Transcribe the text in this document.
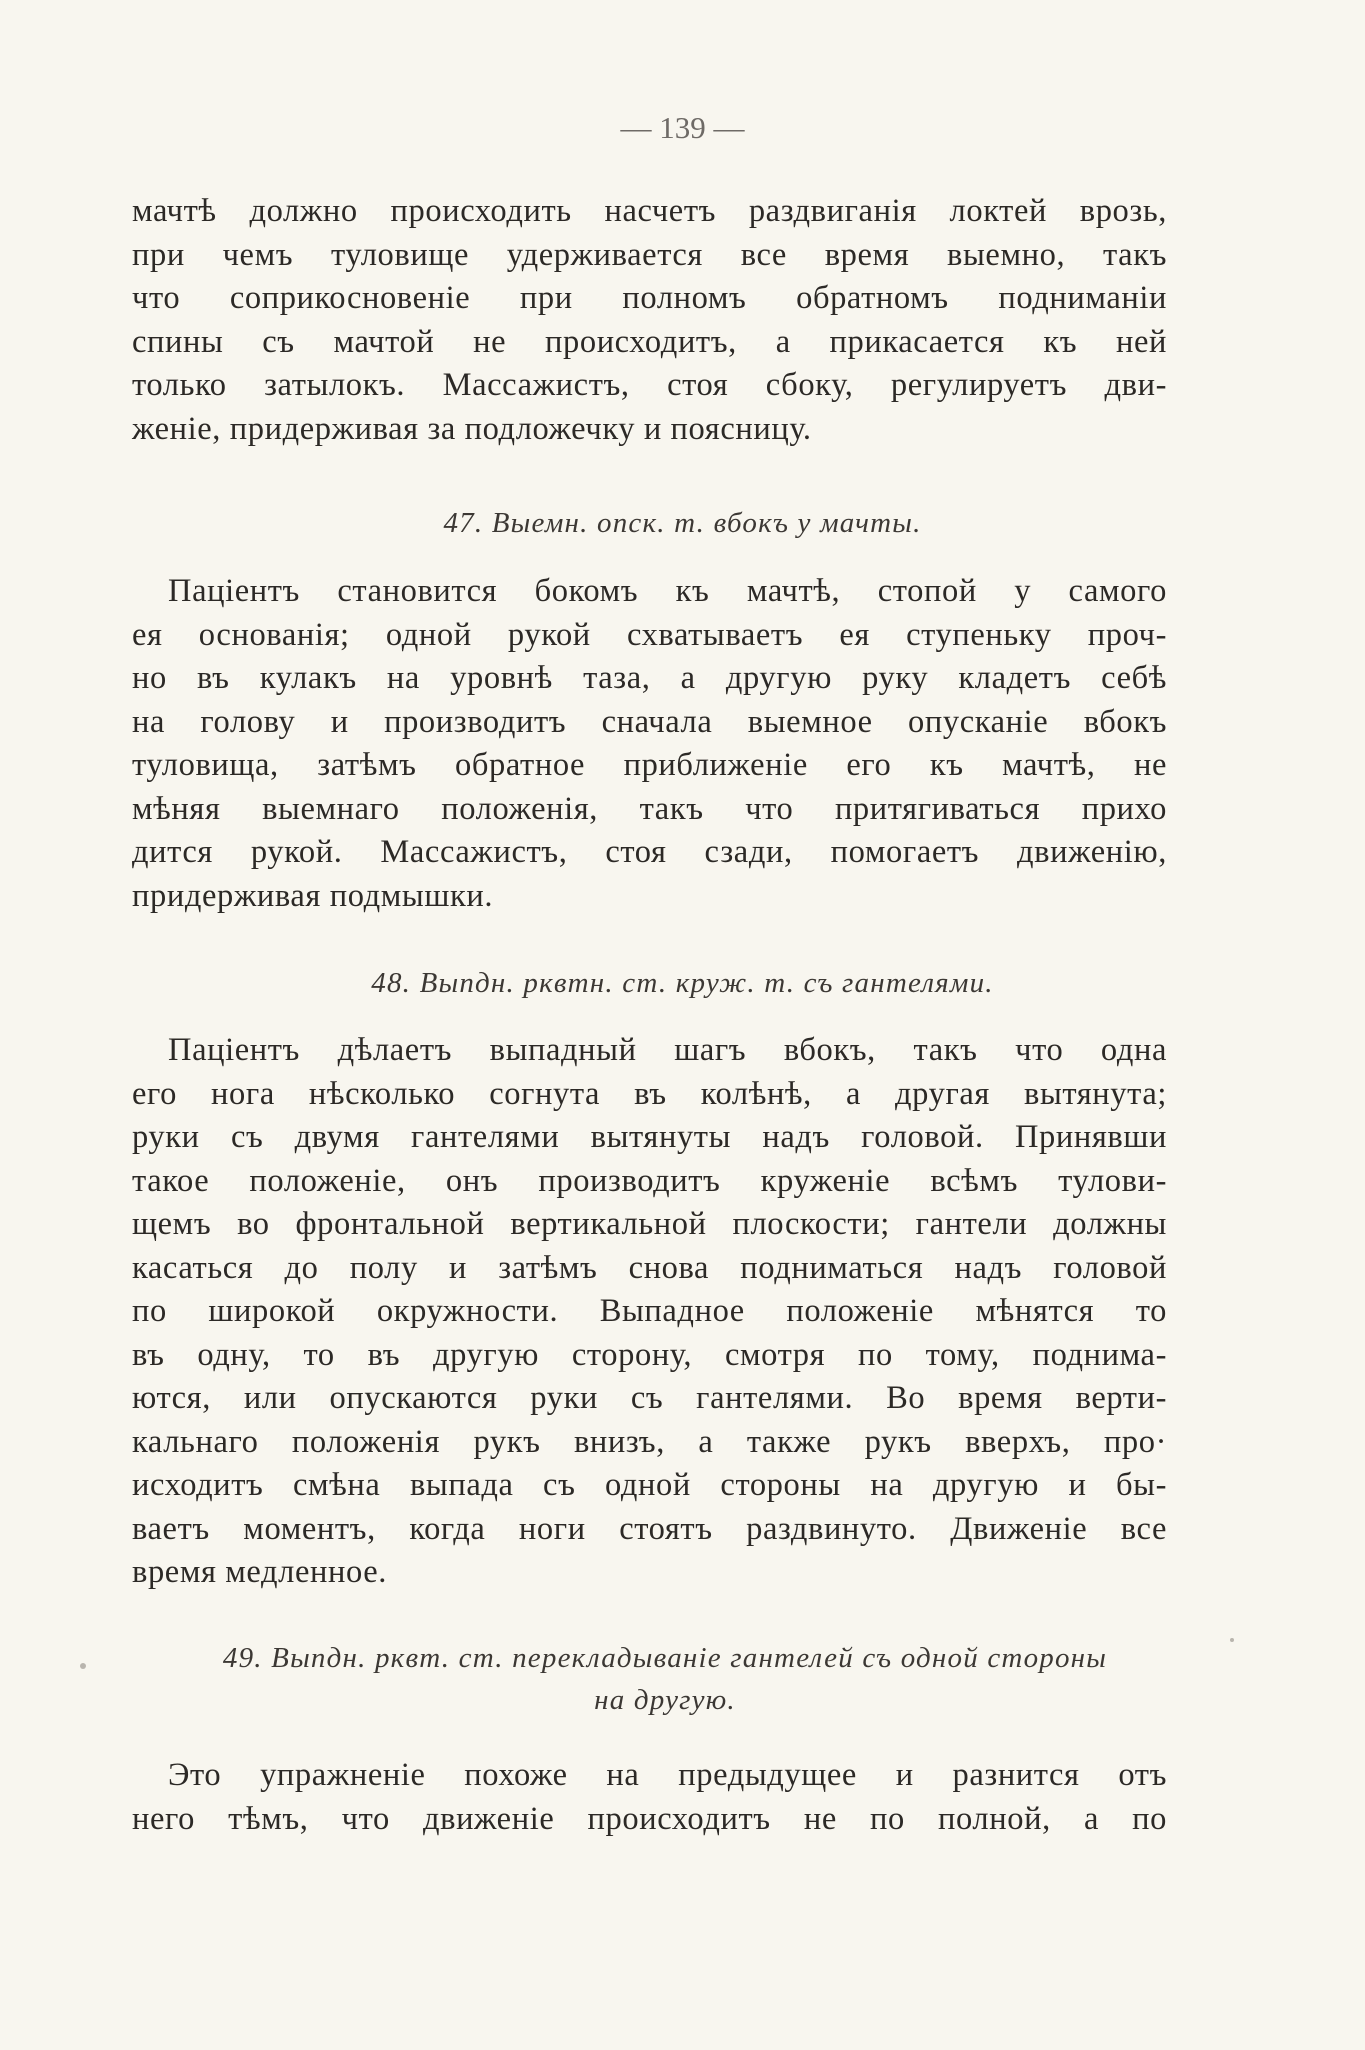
— 139 —
мачтѣ должно происходить насчетъ раздвиганія локтей врозь,
при чемъ туловище удерживается все время выемно, такъ
что соприкосновеніе при полномъ обратномъ подниманіи
спины съ мачтой не происходитъ, а прикасается къ ней
только затылокъ. Массажистъ, стоя сбоку, регулируетъ дви-
женіе, придерживая за подложечку и поясницу.
47. Выемн. опск. т. вбокъ у мачты.
Паціентъ становится бокомъ къ мачтѣ, стопой у самого
ея основанія; одной рукой схватываетъ ея ступеньку проч-
но въ кулакъ на уровнѣ таза, а другую руку кладетъ себѣ
на голову и производитъ сначала выемное опусканіе вбокъ
туловища, затѣмъ обратное приближеніе его къ мачтѣ, не
мѣняя выемнаго положенія, такъ что притягиваться прихо
дится рукой. Массажистъ, стоя сзади, помогаетъ движенію,
придерживая подмышки.
48. Выпдн. рквтн. ст. круж. т. съ гантелями.
Паціентъ дѣлаетъ выпадный шагъ вбокъ, такъ что одна
его нога нѣсколько согнута въ колѣнѣ, а другая вытянута;
руки съ двумя гантелями вытянуты надъ головой. Принявши
такое положеніе, онъ производитъ круженіе всѣмъ тулови-
щемъ во фронтальной вертикальной плоскости; гантели должны
касаться до полу и затѣмъ снова подниматься надъ головой
по широкой окружности. Выпадное положеніе мѣнятся то
въ одну, то въ другую сторону, смотря по тому, поднима-
ются, или опускаются руки съ гантелями. Во время верти-
кальнаго положенія рукъ внизъ, а также рукъ вверхъ, про·
исходитъ смѣна выпада съ одной стороны на другую и бы-
ваетъ моментъ, когда ноги стоятъ раздвинуто. Движеніе все
время медленное.
49. Выпдн. рквт. ст. перекладываніе гантелей съ одной стороны
на другую.
Это упражненіе похоже на предыдущее и разнится отъ
него тѣмъ, что движеніе происходитъ не по полной, а по
